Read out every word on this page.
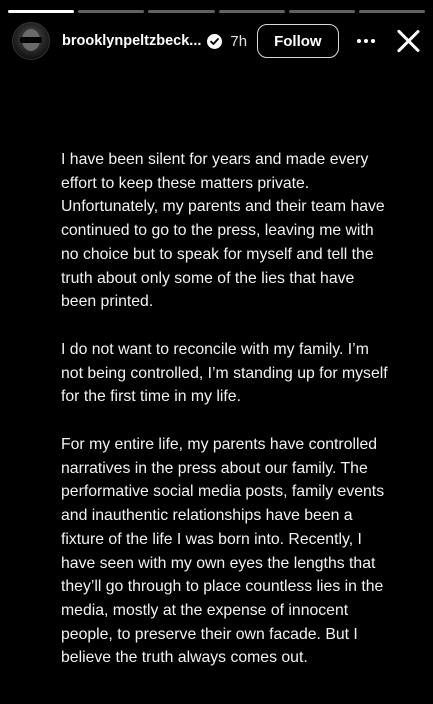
brooklynpeltzbeck... 7h	Follow

I have been silent for years and made every effort to keep these matters private. Unfortunately, my parents and their team have continued to go to the press, leaving me with no choice but to speak for myself and tell the truth about only some of the lies that have been printed.

I do not want to reconcile with my family. I’m not being controlled, I’m standing up for myself for the first time in my life.

For my entire life, my parents have controlled narratives in the press about our family. The performative social media posts, family events and inauthentic relationships have been a fixture of the life I was born into. Recently, I have seen with my own eyes the lengths that they’ll go through to place countless lies in the media, mostly at the expense of innocent people, to preserve their own facade. But I believe the truth always comes out.
